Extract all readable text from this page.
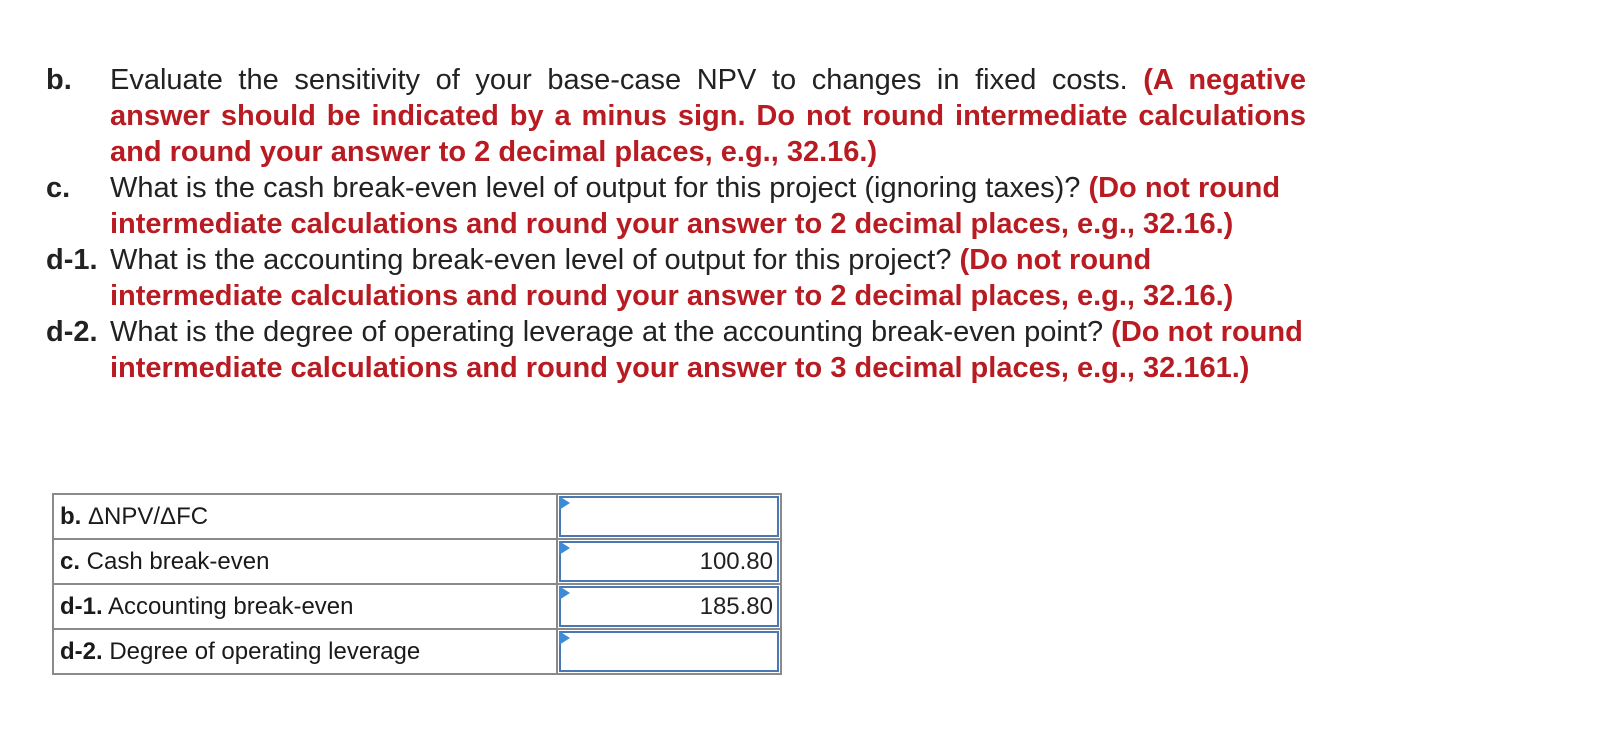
b.	Evaluate the sensitivity of your base-case NPV to changes in fixed costs. (A negative answer should be indicated by a minus sign. Do not round intermediate calculations and round your answer to 2 decimal places, e.g., 32.16.)
c.	What is the cash break-even level of output for this project (ignoring taxes)? (Do not round intermediate calculations and round your answer to 2 decimal places, e.g., 32.16.)
d-1. What is the accounting break-even level of output for this project? (Do not round intermediate calculations and round your answer to 2 decimal places, e.g., 32.16.)
d-2. What is the degree of operating leverage at the accounting break-even point? (Do not round intermediate calculations and round your answer to 3 decimal places, e.g., 32.161.)
b. ΔNPV/ΔFC	

c. Cash break-even	100.80

d-1. Accounting break-even	185.80

d-2. Degree of operating leverage	
